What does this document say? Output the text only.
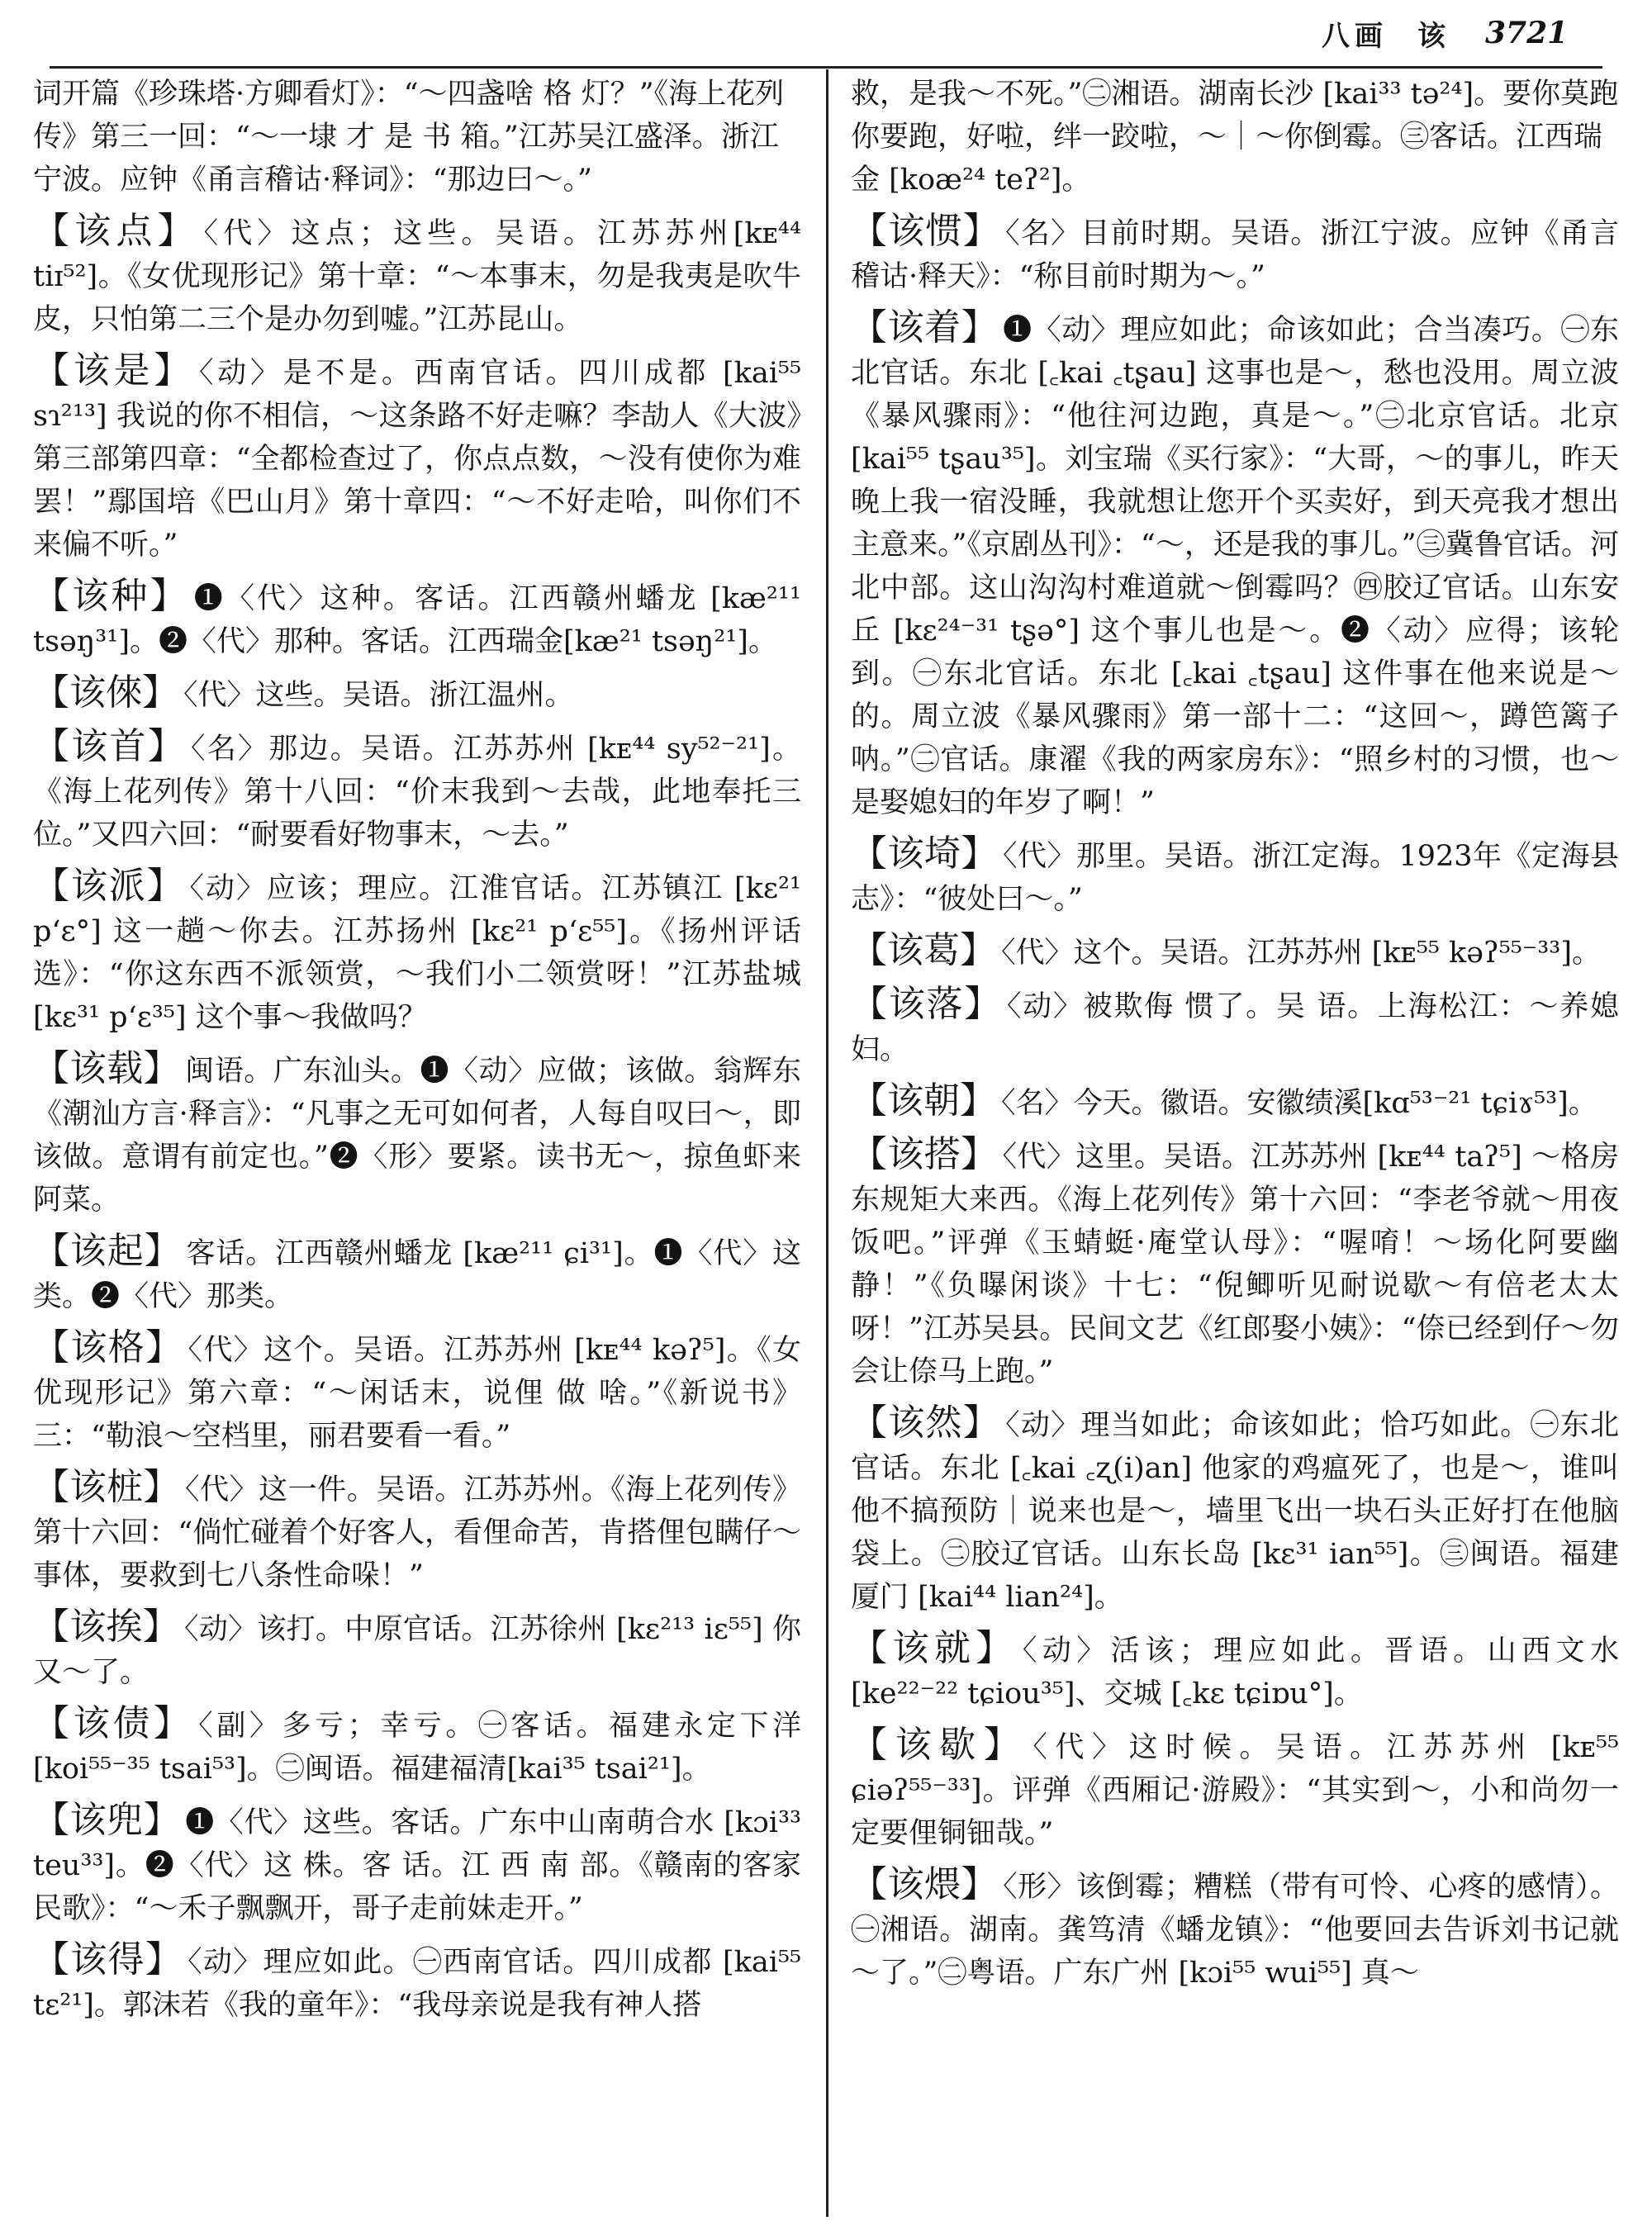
八画 该 3721

词开篇《珍珠塔·方卿看灯》：“～四盏啥 格 灯？”《海上花列传》第三一回：“～一埭 才 是 书 箱。”江苏吴江盛泽。浙江宁波。应钟《甬言稽诂·释词》：“那边曰～。”

【该点】 〈代〉这点；这些。吴语。江苏苏州[kᴇ⁴⁴ tiɪ⁵²]。《女优现形记》第十章：“～本事末，勿是我夷是吹牛皮，只怕第二三个是办勿到嘘。”江苏昆山。

【该是】 〈动〉是不是。西南官话。四川成都 [kai⁵⁵ sɿ²¹³] 我说的你不相信，～这条路不好走嘛？李劼人《大波》第三部第四章：“全都检查过了，你点点数，～没有使你为难罢！”鄢国培《巴山月》第十章四：“～不好走哈，叫你们不来偏不听。”

【该种】 ❶〈代〉这种。客话。江西赣州蟠龙 [kæ²¹¹ tsəŋ³¹]。❷〈代〉那种。客话。江西瑞金[kæ²¹ tsəŋ²¹]。

【该倈】 〈代〉这些。吴语。浙江温州。

【该首】 〈名〉那边。吴语。江苏苏州 [kᴇ⁴⁴ sy⁵²⁻²¹]。《海上花列传》第十八回：“价末我到～去哉，此地奉托三位。”又四六回：“耐要看好物事末，～去。”

【该派】 〈动〉应该；理应。江淮官话。江苏镇江 [kɛ²¹ p‘ɛ°] 这一趟～你去。江苏扬州 [kɛ²¹ p‘ɛ⁵⁵]。《扬州评话选》：“你这东西不派领赏，～我们小二领赏呀！”江苏盐城 [kɛ³¹ p‘ɛ³⁵] 这个事～我做吗？

【该载】 闽语。广东汕头。❶〈动〉应做；该做。翁辉东《潮汕方言·释言》：“凡事之无可如何者，人每自叹曰～，即该做。意谓有前定也。”❷〈形〉要紧。读书无～，掠鱼虾来阿菜。

【该起】 客话。江西赣州蟠龙 [kæ²¹¹ ɕi³¹]。❶〈代〉这类。❷〈代〉那类。

【该格】 〈代〉这个。吴语。江苏苏州 [kᴇ⁴⁴ kəʔ⁵]。《女优现形记》第六章：“～闲话末，说俚 做 啥。”《新说书》三：“勒浪～空档里，丽君要看一看。”

【该桩】 〈代〉这一件。吴语。江苏苏州。《海上花列传》第十六回：“倘忙碰着个好客人，看俚命苦，肯搭俚包瞒仔～事体，要救到七八条性命哚！”

【该挨】 〈动〉该打。中原官话。江苏徐州 [kɛ²¹³ iɛ⁵⁵] 你又～了。

【该债】 〈副〉多亏；幸亏。㊀客话。福建永定下洋 [koi⁵⁵⁻³⁵ tsai⁵³]。㊁闽语。福建福清[kai³⁵ tsai²¹]。

【该兜】 ❶〈代〉这些。客话。广东中山南萌合水 [kɔi³³ teu³³]。❷〈代〉这 株。客 话。江 西 南 部。《赣南的客家民歌》：“～禾子飘飘开，哥子走前妹走开。”

【该得】 〈动〉理应如此。㊀西南官话。四川成都 [kai⁵⁵ tɛ²¹]。郭沫若《我的童年》：“我母亲说是我有神人搭

救，是我～不死。”㊁湘语。湖南长沙 [kai³³ tə²⁴]。要你莫跑你要跑，好啦，绊一跤啦，～｜～你倒霉。㊂客话。江西瑞金 [koæ²⁴ teʔ²]。

【该惯】 〈名〉目前时期。吴语。浙江宁波。应钟《甬言稽诂·释天》：“称目前时期为～。”

【该着】 ❶〈动〉理应如此；命该如此；合当凑巧。㊀东北官话。东北 [꜀kai ꜀tʂau] 这事也是～，愁也没用。周立波《暴风骤雨》：“他往河边跑，真是～。”㊁北京官话。北京 [kai⁵⁵ tʂau³⁵]。刘宝瑞《买行家》：“大哥，～的事儿，昨天晚上我一宿没睡，我就想让您开个买卖好，到天亮我才想出主意来。”《京剧丛刊》：“～，还是我的事儿。”㊂冀鲁官话。河北中部。这山沟沟村难道就～倒霉吗？㊃胶辽官话。山东安丘 [kɛ²⁴⁻³¹ tʂə°] 这个事儿也是～。❷〈动〉应得；该轮到。㊀东北官话。东北 [꜀kai ꜀tʂau] 这件事在他来说是～的。周立波《暴风骤雨》第一部十二：“这回～，蹲笆篱子呐。”㊁官话。康濯《我的两家房东》：“照乡村的习惯，也～是娶媳妇的年岁了啊！”

【该埼】 〈代〉那里。吴语。浙江定海。1923年《定海县志》：“彼处曰～。”

【该葛】 〈代〉这个。吴语。江苏苏州 [kᴇ⁵⁵ kəʔ⁵⁵⁻³³]。

【该落】 〈动〉被欺侮 惯了。吴 语。上海松江：～养媳妇。

【该朝】 〈名〉今天。徽语。安徽绩溪[kɑ⁵³⁻²¹ tɕiɤ⁵³]。

【该搭】 〈代〉这里。吴语。江苏苏州 [kᴇ⁴⁴ taʔ⁵] ～格房东规矩大来西。《海上花列传》第十六回：“李老爷就～用夜饭吧。”评弹《玉蜻蜓·庵堂认母》：“喔唷！～场化阿要幽静！”《负曝闲谈》十七：“倪鲫听见耐说歇～有倍老太太呀！”江苏吴县。民间文艺《红郎娶小姨》：“倷已经到仔～勿会让倷马上跑。”

【该然】 〈动〉理当如此；命该如此；恰巧如此。㊀东北官话。东北 [꜀kai ꜀ʐ(i)an] 他家的鸡瘟死了，也是～，谁叫他不搞预防｜说来也是～，墙里飞出一块石头正好打在他脑袋上。㊁胶辽官话。山东长岛 [kɛ³¹ ian⁵⁵]。㊂闽语。福建厦门 [kai⁴⁴ lian²⁴]。

【该就】 〈动〉活该；理应如此。晋语。山西文水 [ke²²⁻²² tɕiou³⁵]、交城 [꜀kɛ tɕiɒu°]。

【该歇】 〈代〉这时候。吴语。江苏苏州 [kᴇ⁵⁵ ɕiəʔ⁵⁵⁻³³]。评弹《西厢记·游殿》：“其实到～，小和尚勿一定要俚铜钿哉。”

【该煨】 〈形〉该倒霉；糟糕（带有可怜、心疼的感情）。㊀湘语。湖南。龚笃清《蟠龙镇》：“他要回去告诉刘书记就～了。”㊁粤语。广东广州 [kɔi⁵⁵ wui⁵⁵] 真～
